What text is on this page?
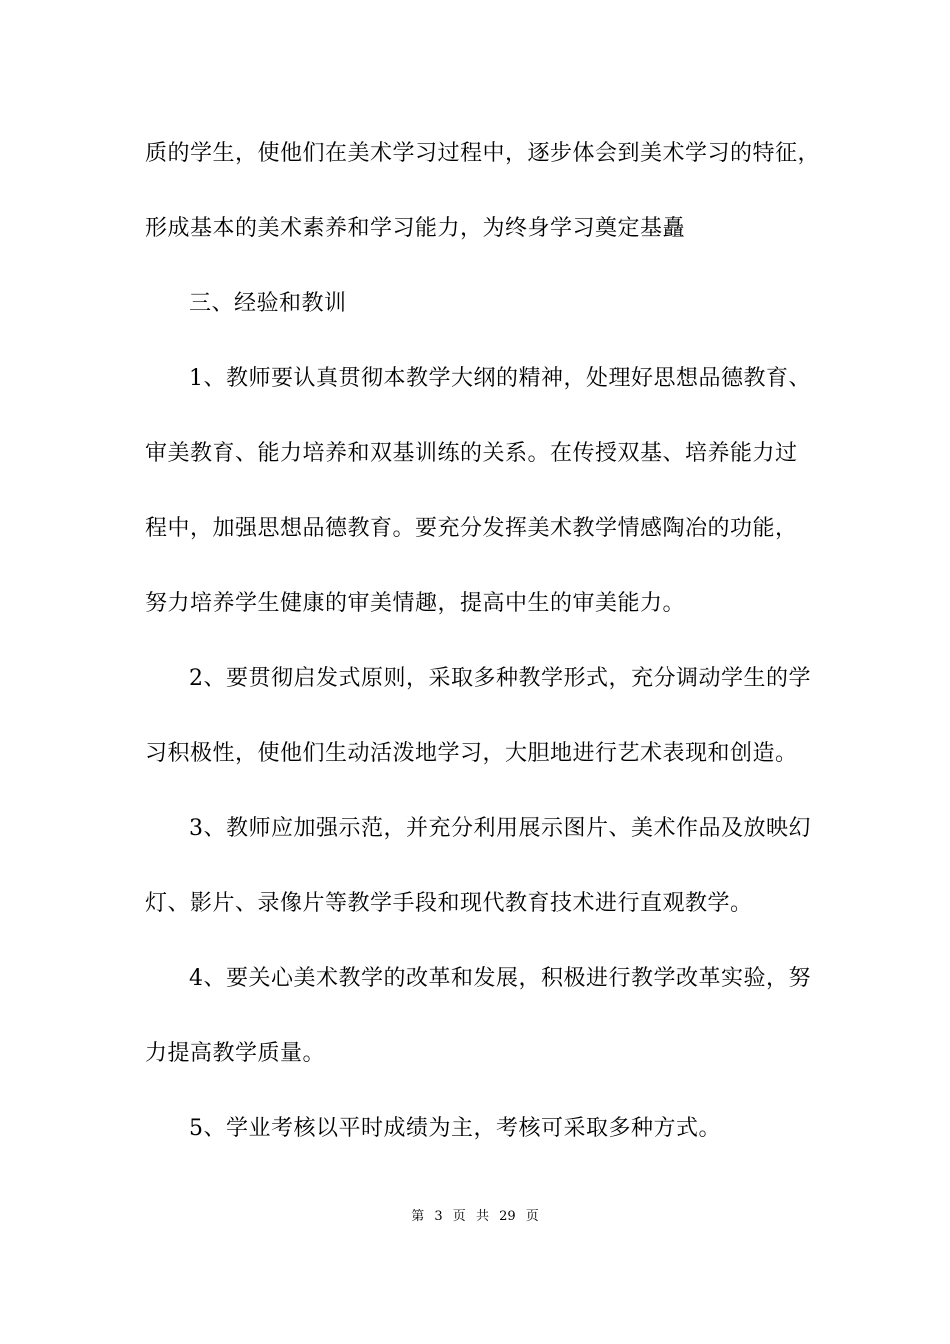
质的学生，使他们在美术学习过程中，逐步体会到美术学习的特征，
形成基本的美术素养和学习能力，为终身学习奠定基矗
三、经验和教训
1、教师要认真贯彻本教学大纲的精神，处理好思想品德教育、
审美教育、能力培养和双基训练的关系。在传授双基、培养能力过
程中，加强思想品德教育。要充分发挥美术教学情感陶冶的功能，
努力培养学生健康的审美情趣，提高中生的审美能力。
2、要贯彻启发式原则，采取多种教学形式，充分调动学生的学
习积极性，使他们生动活泼地学习，大胆地进行艺术表现和创造。
3、教师应加强示范，并充分利用展示图片、美术作品及放映幻
灯、影片、录像片等教学手段和现代教育技术进行直观教学。
4、要关心美术教学的改革和发展，积极进行教学改革实验，努
力提高教学质量。
5、学业考核以平时成绩为主，考核可采取多种方式。
第 3 页 共 29 页
